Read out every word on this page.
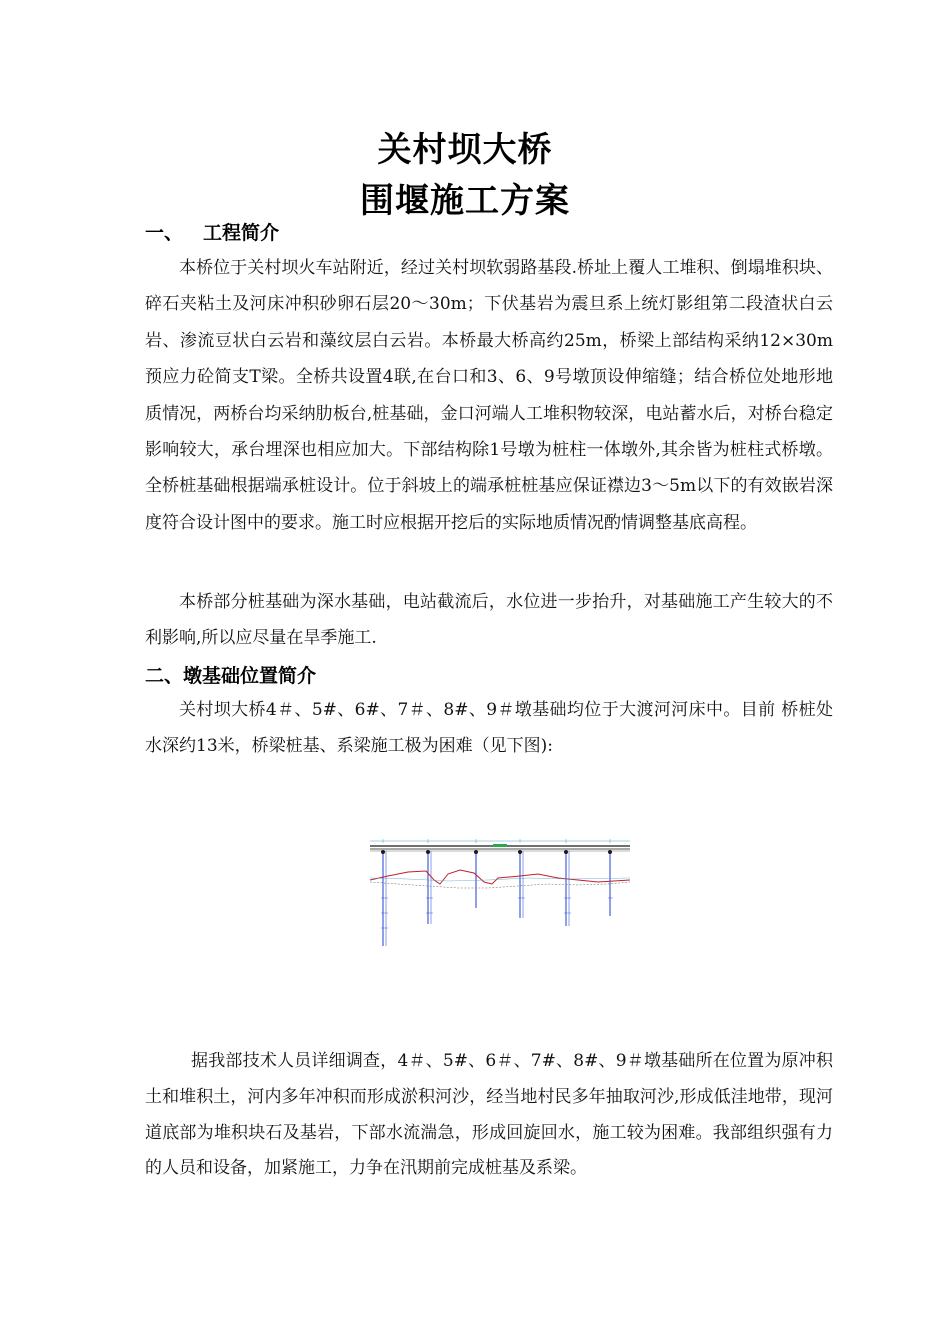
关村坝大桥
围堰施工方案
一、 工程简介

本桥位于关村坝火车站附近，经过关村坝软弱路基段.桥址上覆人工堆积、倒塌堆积块、碎石夹粘土及河床冲积砂卵石层20～30m；下伏基岩为震旦系上统灯影组第二段渣状白云岩、渗流豆状白云岩和藻纹层白云岩。本桥最大桥高约25m，桥梁上部结构采纳12×30m预应力砼简支T梁。全桥共设置4联,在台口和3、6、9号墩顶设伸缩缝；结合桥位处地形地质情况，两桥台均采纳肋板台,桩基础，金口河端人工堆积物较深，电站蓄水后，对桥台稳定影响较大，承台埋深也相应加大。下部结构除1号墩为桩柱一体墩外,其余皆为桩柱式桥墩。全桥桩基础根据端承桩设计。位于斜坡上的端承桩桩基应保证襟边3～5m以下的有效嵌岩深度符合设计图中的要求。施工时应根据开挖后的实际地质情况酌情调整基底高程。

本桥部分桩基础为深水基础，电站截流后，水位进一步抬升，对基础施工产生较大的不利影响,所以应尽量在旱季施工.

二、墩基础位置简介

关村坝大桥4＃、5#、6#、7＃、8#、9＃墩基础均位于大渡河河床中。目前 桥桩处水深约13米，桥梁桩基、系梁施工极为困难（见下图):

据我部技术人员详细调查，4＃、5#、6＃、7#、8#、9＃墩基础所在位置为原冲积土和堆积土，河内多年冲积而形成淤积河沙，经当地村民多年抽取河沙,形成低洼地带，现河道底部为堆积块石及基岩，下部水流湍急，形成回旋回水，施工较为困难。我部组织强有力的人员和设备，加紧施工，力争在汛期前完成桩基及系梁。
